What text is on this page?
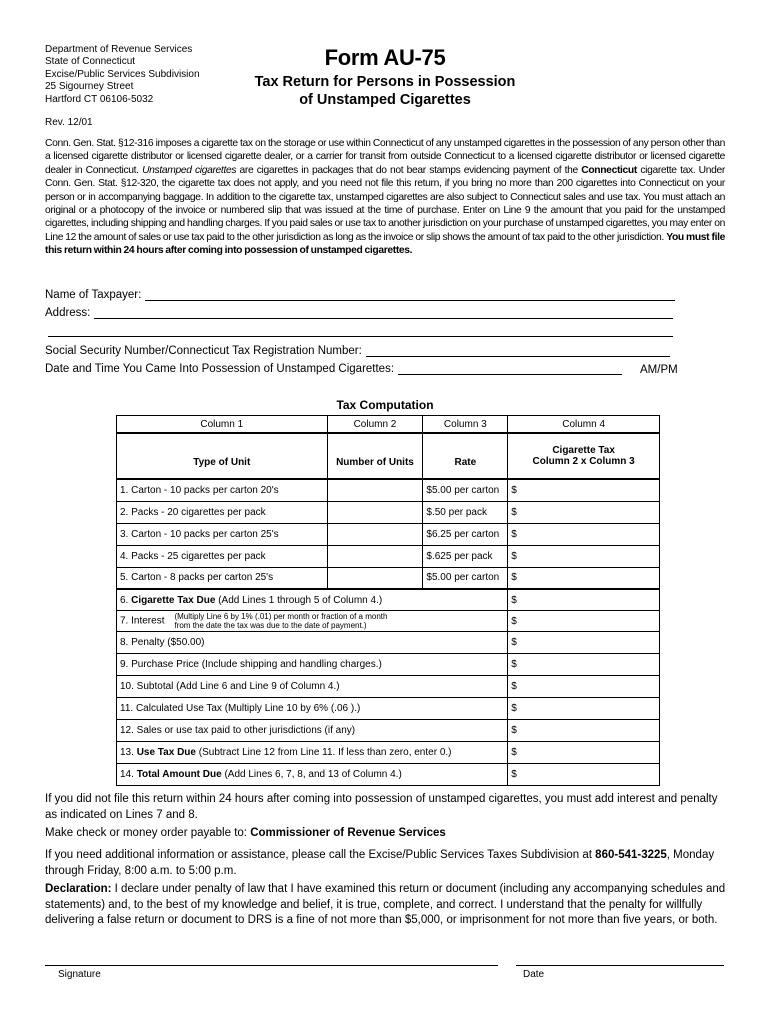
Department of Revenue Services
State of Connecticut
Excise/Public Services Subdivision
25 Sigourney Street
Hartford CT 06106-5032
Form AU-75
Tax Return for Persons in Possession
of Unstamped Cigarettes
Rev. 12/01
Conn. Gen. Stat. §12-316 imposes a cigarette tax on the storage or use within Connecticut of any unstamped cigarettes in the possession of any person other than a licensed cigarette distributor or licensed cigarette dealer, or a carrier for transit from outside Connecticut to a licensed cigarette distributor or licensed cigarette dealer in Connecticut. Unstamped cigarettes are cigarettes in packages that do not bear stamps evidencing payment of the Connecticut cigarette tax. Under Conn. Gen. Stat. §12-320, the cigarette tax does not apply, and you need not file this return, if you bring no more than 200 cigarettes into Connecticut on your person or in accompanying baggage. In addition to the cigarette tax, unstamped cigarettes are also subject to Connecticut sales and use tax. You must attach an original or a photocopy of the invoice or numbered slip that was issued at the time of purchase. Enter on Line 9 the amount that you paid for the unstamped cigarettes, including shipping and handling charges. If you paid sales or use tax to another jurisdiction on your purchase of unstamped cigarettes, you may enter on Line 12 the amount of sales or use tax paid to the other jurisdiction as long as the invoice or slip shows the amount of tax paid to the other jurisdiction. You must file this return within 24 hours after coming into possession of unstamped cigarettes.
Name of Taxpayer:
Address:
Social Security Number/Connecticut Tax Registration Number:
Date and Time You Came Into Possession of Unstamped Cigarettes:	AM/PM
Tax Computation
Column 1	Column 2	Column 3	Column 4
Type of Unit	Number of Units	Rate	Cigarette Tax
Column 2 x Column 3

1. Carton - 10 packs per carton 20's		$5.00 per carton	$
2. Packs - 20 cigarettes per pack		$.50 per pack	$
3. Carton - 10 packs per carton 25's		$6.25 per carton	$
4. Packs - 25 cigarettes per pack		$.625 per pack	$
5. Carton - 8 packs per carton 25's		$5.00 per carton	$
6. Cigarette Tax Due (Add Lines 1 through 5 of Column 4.)			$
7. Interest (Multiply Line 6 by 1% (.01) per month or fraction of a month
from the date the tax was due to the date of payment.)			$
8. Penalty ($50.00)			$
9. Purchase Price (Include shipping and handling charges.)			$
10. Subtotal (Add Line 6 and Line 9 of Column 4.)			$
11. Calculated Use Tax (Multiply Line 10 by 6% (.06 ).)			$
12. Sales or use tax paid to other jurisdictions (if any)			$
13. Use Tax Due (Subtract Line 12 from Line 11. If less than zero, enter 0.)			$
14. Total Amount Due (Add Lines 6, 7, 8, and 13 of Column 4.)			$
If you did not file this return within 24 hours after coming into possession of unstamped cigarettes, you must add interest and penalty as indicated on Lines 7 and 8.
Make check or money order payable to: Commissioner of Revenue Services
If you need additional information or assistance, please call the Excise/Public Services Taxes Subdivision at 860-541-3225, Monday through Friday, 8:00 a.m. to 5:00 p.m.
Declaration: I declare under penalty of law that I have examined this return or document (including any accompanying schedules and statements) and, to the best of my knowledge and belief, it is true, complete, and correct. I understand that the penalty for willfully delivering a false return or document to DRS is a fine of not more than $5,000, or imprisonment for not more than five years, or both.
Signature	Date
